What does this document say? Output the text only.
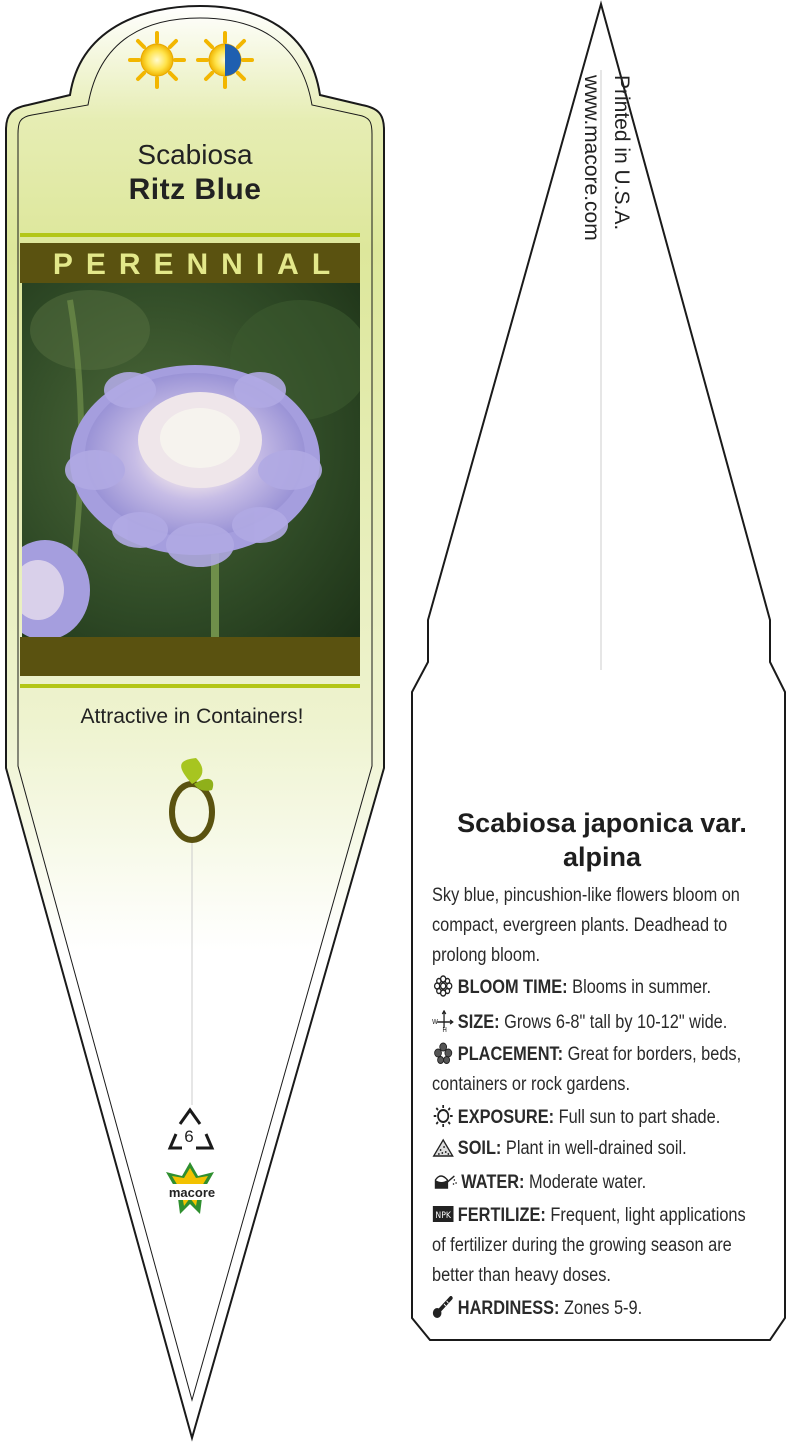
Scabiosa
Ritz Blue
PERENNIAL
Attractive in Containers!
6
macore
Printed in U.S.A.
www.macore.com
Scabiosa japonica var. alpina
Sky blue, pincushion-like flowers bloom on compact, evergreen plants. Deadhead to prolong bloom.
BLOOM TIME: Blooms in summer.
W
H SIZE: Grows 6-8" tall by 10-12" wide.
PLACEMENT: Great for borders, beds,
containers or rock gardens.
EXPOSURE: Full sun to part shade.
SOIL: Plant in well-drained soil.
WATER: Moderate water.
NPK FERTILIZE: Frequent, light applications
of fertilizer during the growing season are
better than heavy doses.
HARDINESS: Zones 5-9.
